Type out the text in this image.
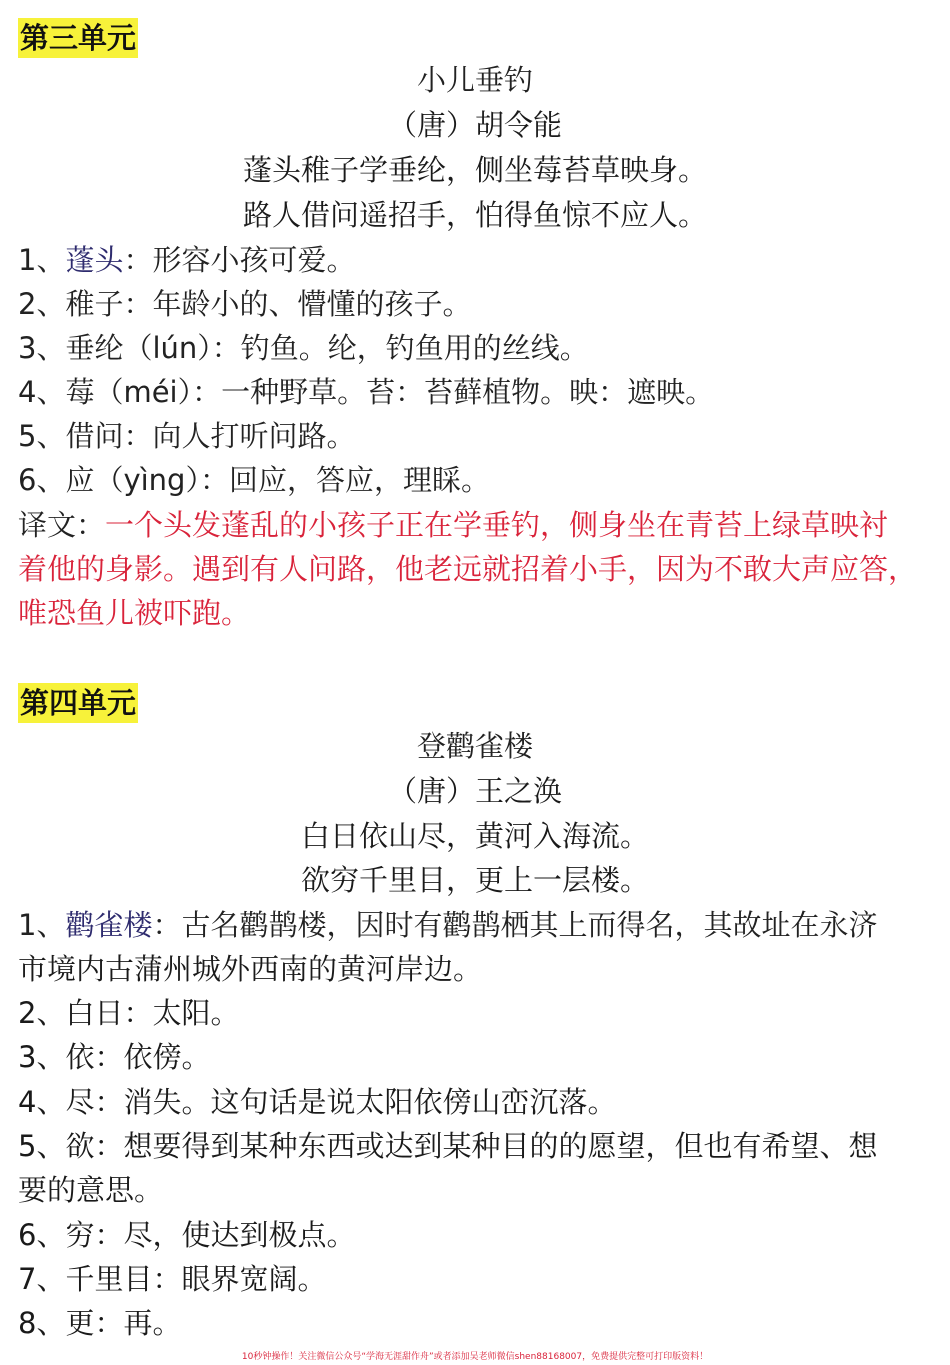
第三单元
小儿垂钓
（唐）胡令能
蓬头稚子学垂纶，侧坐莓苔草映身。
路人借问遥招手，怕得鱼惊不应人。
1、蓬头：形容小孩可爱。
2、稚子：年龄小的、懵懂的孩子。
3、垂纶（lún）：钓鱼。纶，钓鱼用的丝线。
4、莓（méi）：一种野草。苔：苔藓植物。映：遮映。
5、借问：向人打听问路。
6、应（yìng）：回应，答应，理睬。
译文：一个头发蓬乱的小孩子正在学垂钓，侧身坐在青苔上绿草映衬
着他的身影。遇到有人问路，他老远就招着小手，因为不敢大声应答，
唯恐鱼儿被吓跑。
第四单元
登鹳雀楼
（唐）王之涣
白日依山尽，黄河入海流。
欲穷千里目，更上一层楼。
1、鹳雀楼：古名鹳鹊楼，因时有鹳鹊栖其上而得名，其故址在永济
市境内古蒲州城外西南的黄河岸边。
2、白日：太阳。
3、依：依傍。
4、尽：消失。这句话是说太阳依傍山峦沉落。
5、欲：想要得到某种东西或达到某种目的的愿望，但也有希望、想
要的意思。
6、穷：尽，使达到极点。
7、千里目：眼界宽阔。
8、更：再。
10秒钟操作！关注微信公众号“学海无涯甜作舟”或者添加吴老师微信shen88168007，免费提供完整可打印版资料！
